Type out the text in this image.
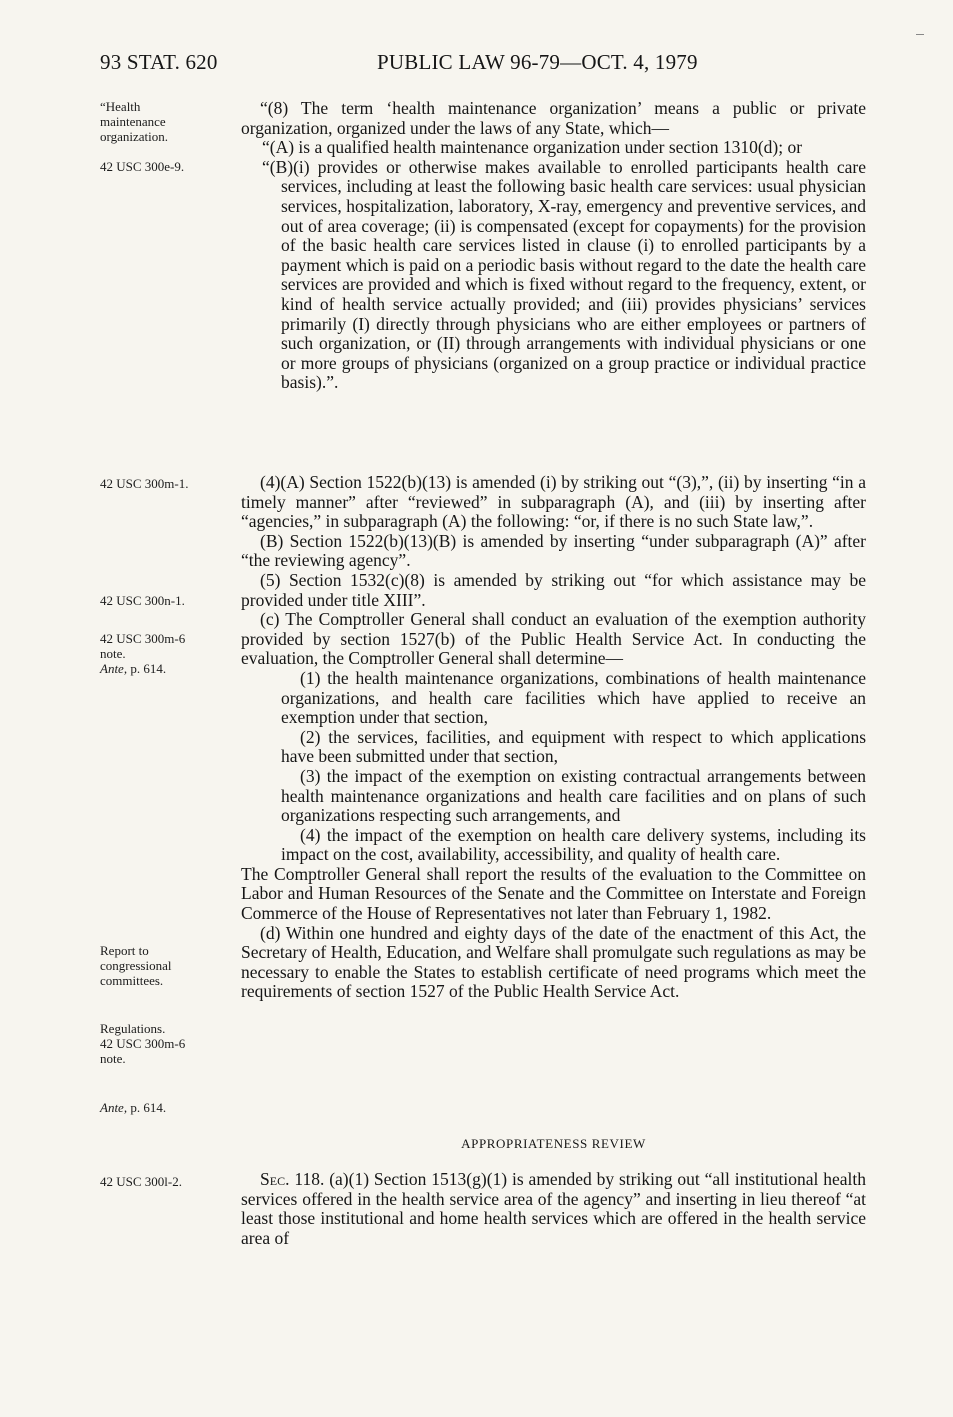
93 STAT. 620	PUBLIC LAW 96-79—OCT. 4, 1979
“Health
maintenance
organization.
42 USC 300e-9.
42 USC 300m-1.
42 USC 300n-1.
42 USC 300m-6
note.
Ante, p. 614.
Report to
congressional
committees.
Regulations.
42 USC 300m-6
note.
Ante, p. 614.
42 USC 300l-2.

“(8) The term ‘health maintenance organization’ means a public or private organization, organized under the laws of any State, which—

“(A) is a qualified health maintenance organization under section 1310(d); or

“(B)(i) provides or otherwise makes available to enrolled participants health care services, including at least the following basic health care services: usual physician services, hospitalization, laboratory, X-ray, emergency and preventive services, and out of area coverage; (ii) is compensated (except for copayments) for the provision of the basic health care services listed in clause (i) to enrolled participants by a payment which is paid on a periodic basis without regard to the date the health care services are provided and which is fixed without regard to the frequency, extent, or kind of health service actually provided; and (iii) provides physicians’ services primarily (I) directly through physicians who are either employees or partners of such organization, or (II) through arrangements with individual physicians or one or more groups of physicians (organized on a group practice or individual practice basis).”.

(4)(A) Section 1522(b)(13) is amended (i) by striking out “(3),”, (ii) by inserting “in a timely manner” after “reviewed” in subparagraph (A), and (iii) by inserting after “agencies,” in subparagraph (A) the following: “or, if there is no such State law,”.

(B) Section 1522(b)(13)(B) is amended by inserting “under subparagraph (A)” after “the reviewing agency”.

(5) Section 1532(c)(8) is amended by striking out “for which assistance may be provided under title XIII”.

(c) The Comptroller General shall conduct an evaluation of the exemption authority provided by section 1527(b) of the Public Health Service Act. In conducting the evaluation, the Comptroller General shall determine—

(1) the health maintenance organizations, combinations of health maintenance organizations, and health care facilities which have applied to receive an exemption under that section,

(2) the services, facilities, and equipment with respect to which applications have been submitted under that section,

(3) the impact of the exemption on existing contractual arrangements between health maintenance organizations and health care facilities and on plans of such organizations respecting such arrangements, and

(4) the impact of the exemption on health care delivery systems, including its impact on the cost, availability, accessibility, and quality of health care.

The Comptroller General shall report the results of the evaluation to the Committee on Labor and Human Resources of the Senate and the Committee on Interstate and Foreign Commerce of the House of Representatives not later than February 1, 1982.

(d) Within one hundred and eighty days of the date of the enactment of this Act, the Secretary of Health, Education, and Welfare shall promulgate such regulations as may be necessary to enable the States to establish certificate of need programs which meet the requirements of section 1527 of the Public Health Service Act.

APPROPRIATENESS REVIEW

Sec. 118. (a)(1) Section 1513(g)(1) is amended by striking out “all institutional health services offered in the health service area of the agency” and inserting in lieu thereof “at least those institutional and home health services which are offered in the health service area of
